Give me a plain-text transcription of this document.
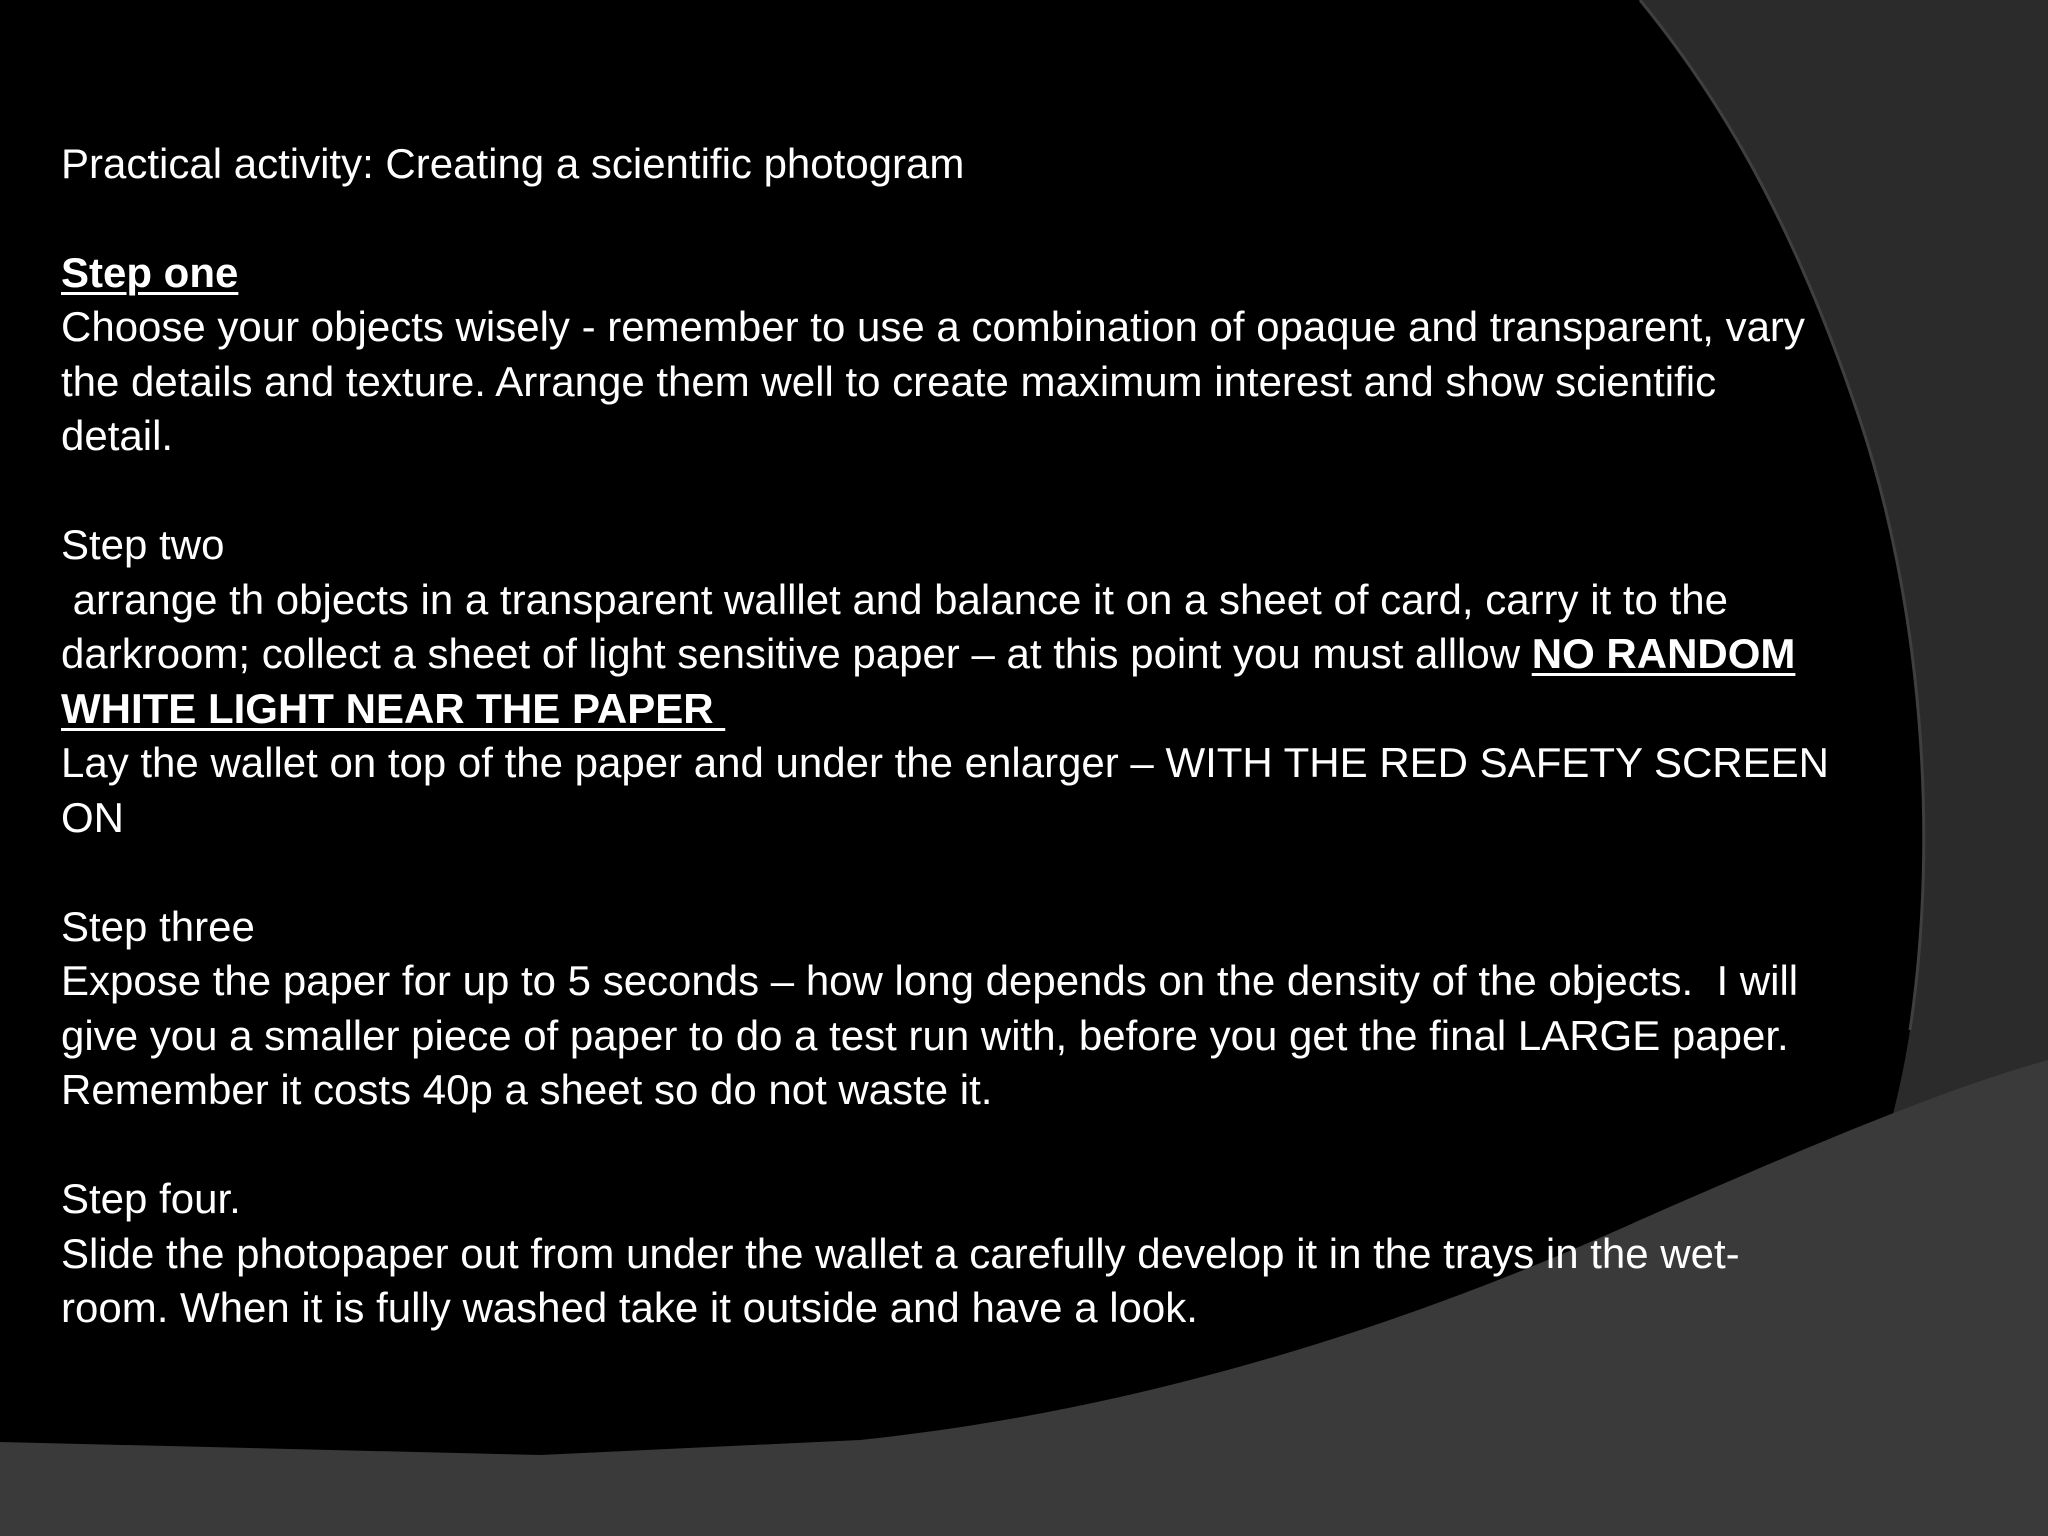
Practical activity: Creating a scientific photogram
Step one
Choose your objects wisely - remember to use a combination of opaque and transparent, vary
the details and texture. Arrange them well to create maximum interest and show scientific
detail.
Step two
arrange th objects in a transparent walllet and balance it on a sheet of card, carry it to the
darkroom; collect a sheet of light sensitive paper – at this point you must alllow NO RANDOM
WHITE LIGHT NEAR THE PAPER
Lay the wallet on top of the paper and under the enlarger – WITH THE RED SAFETY SCREEN
ON
Step three
Expose the paper for up to 5 seconds – how long depends on the density of the objects.  I will
give you a smaller piece of paper to do a test run with, before you get the final LARGE paper.
Remember it costs 40p a sheet so do not waste it.
Step four.
Slide the photopaper out from under the wallet a carefully develop it in the trays in the wet-
room. When it is fully washed take it outside and have a look.
